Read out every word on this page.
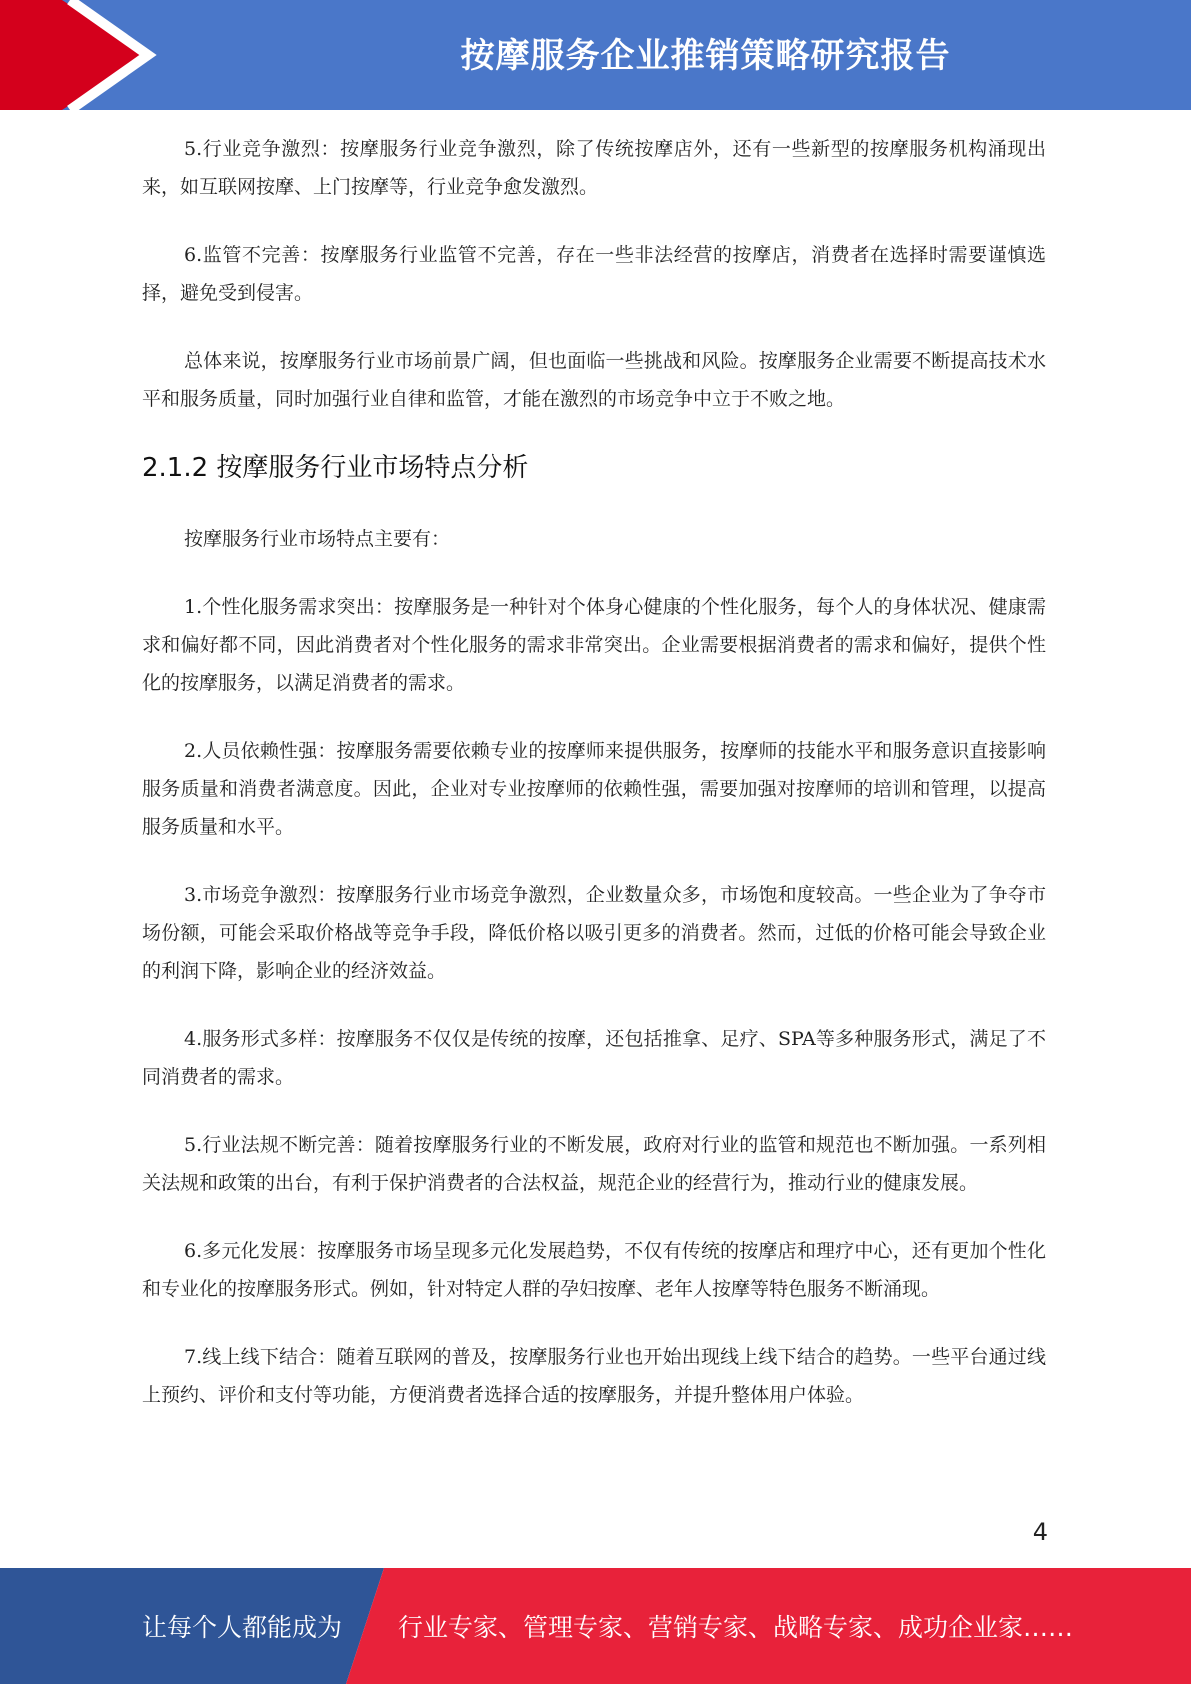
按摩服务企业推销策略研究报告

5.行业竞争激烈：按摩服务行业竞争激烈，除了传统按摩店外，还有一些新型的按摩服务机构涌现出来，如互联网按摩、上门按摩等，行业竞争愈发激烈。

6.监管不完善：按摩服务行业监管不完善，存在一些非法经营的按摩店，消费者在选择时需要谨慎选择，避免受到侵害。

总体来说，按摩服务行业市场前景广阔，但也面临一些挑战和风险。按摩服务企业需要不断提高技术水平和服务质量，同时加强行业自律和监管，才能在激烈的市场竞争中立于不败之地。

2.1.2 按摩服务行业市场特点分析

按摩服务行业市场特点主要有：

1.个性化服务需求突出：按摩服务是一种针对个体身心健康的个性化服务，每个人的身体状况、健康需求和偏好都不同，因此消费者对个性化服务的需求非常突出。企业需要根据消费者的需求和偏好，提供个性化的按摩服务，以满足消费者的需求。

2.人员依赖性强：按摩服务需要依赖专业的按摩师来提供服务，按摩师的技能水平和服务意识直接影响服务质量和消费者满意度。因此，企业对专业按摩师的依赖性强，需要加强对按摩师的培训和管理，以提高服务质量和水平。

3.市场竞争激烈：按摩服务行业市场竞争激烈，企业数量众多，市场饱和度较高。一些企业为了争夺市场份额，可能会采取价格战等竞争手段，降低价格以吸引更多的消费者。然而，过低的价格可能会导致企业的利润下降，影响企业的经济效益。

4.服务形式多样：按摩服务不仅仅是传统的按摩，还包括推拿、足疗、SPA等多种服务形式，满足了不同消费者的需求。

5.行业法规不断完善：随着按摩服务行业的不断发展，政府对行业的监管和规范也不断加强。一系列相关法规和政策的出台，有利于保护消费者的合法权益，规范企业的经营行为，推动行业的健康发展。

6.多元化发展：按摩服务市场呈现多元化发展趋势，不仅有传统的按摩店和理疗中心，还有更加个性化和专业化的按摩服务形式。例如，针对特定人群的孕妇按摩、老年人按摩等特色服务不断涌现。

7.线上线下结合：随着互联网的普及，按摩服务行业也开始出现线上线下结合的趋势。一些平台通过线上预约、评价和支付等功能，方便消费者选择合适的按摩服务，并提升整体用户体验。

4
让每个人都能成为 行业专家、管理专家、营销专家、战略专家、成功企业家……
